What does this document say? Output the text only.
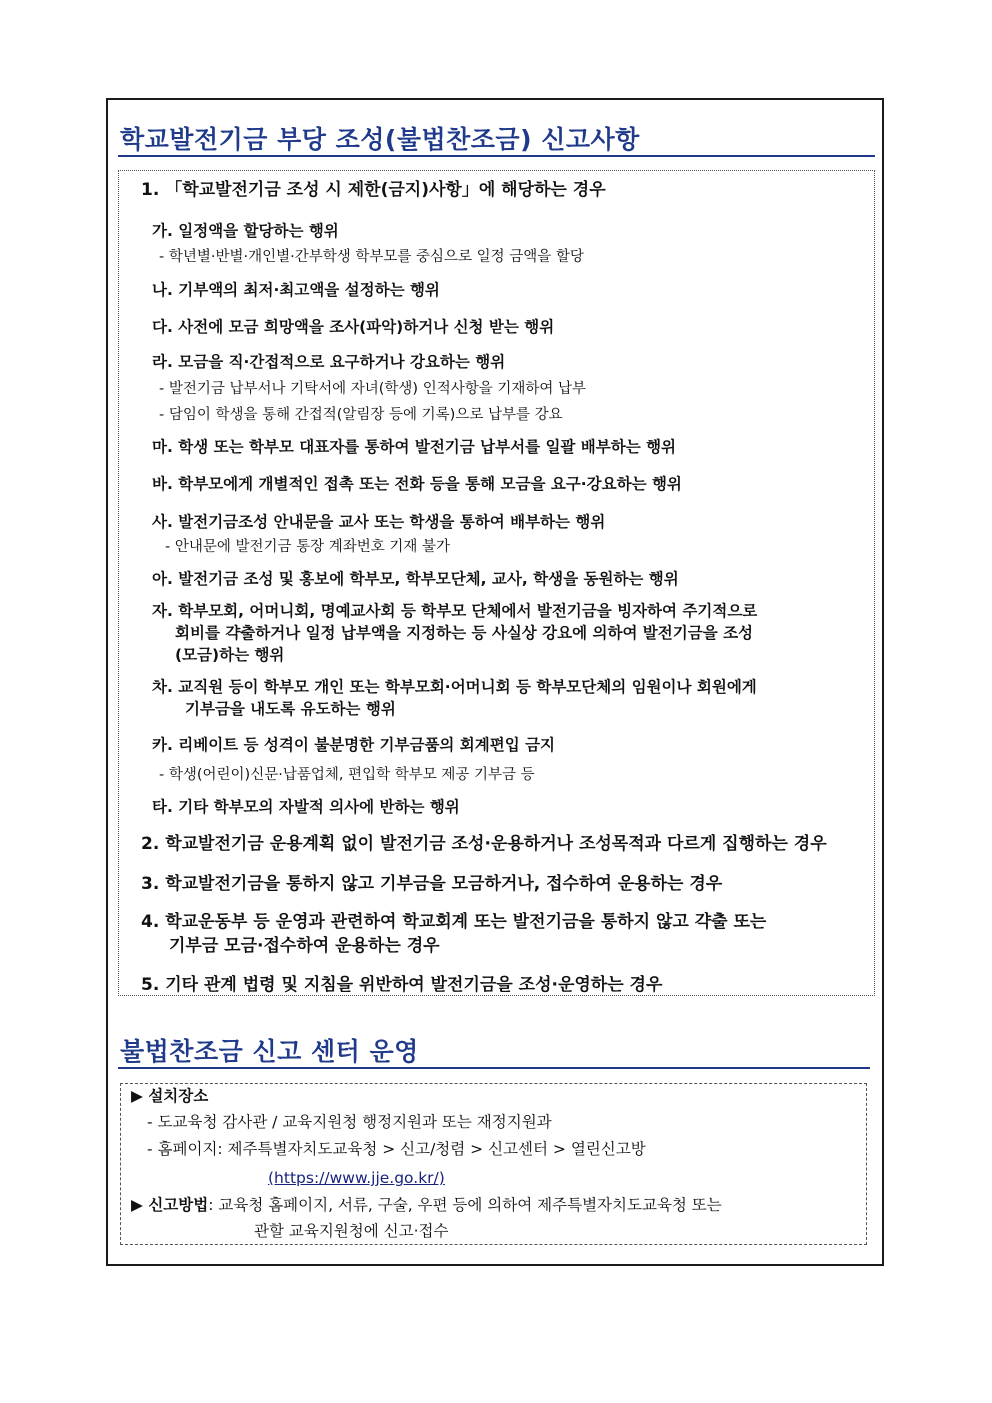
학교발전기금 부당 조성(불법찬조금) 신고사항
1. 「학교발전기금 조성 시 제한(금지)사항」에 해당하는 경우
가. 일정액을 할당하는 행위
- 학년별·반별·개인별·간부학생 학부모를 중심으로 일정 금액을 할당
나. 기부액의 최저·최고액을 설정하는 행위
다. 사전에 모금 희망액을 조사(파악)하거나 신청 받는 행위
라. 모금을 직·간접적으로 요구하거나 강요하는 행위
- 발전기금 납부서나 기탁서에 자녀(학생) 인적사항을 기재하여 납부
- 담임이 학생을 통해 간접적(알림장 등에 기록)으로 납부를 강요
마. 학생 또는 학부모 대표자를 통하여 발전기금 납부서를 일괄 배부하는 행위
바. 학부모에게 개별적인 접촉 또는 전화 등을 통해 모금을 요구·강요하는 행위
사. 발전기금조성 안내문을 교사 또는 학생을 통하여 배부하는 행위
- 안내문에 발전기금 통장 계좌번호 기재 불가
아. 발전기금 조성 및 홍보에 학부모, 학부모단체, 교사, 학생을 동원하는 행위
자. 학부모회, 어머니회, 명예교사회 등 학부모 단체에서 발전기금을 빙자하여 주기적으로
회비를 갹출하거나 일정 납부액을 지정하는 등 사실상 강요에 의하여 발전기금을 조성
(모금)하는 행위
차. 교직원 등이 학부모 개인 또는 학부모회·어머니회 등 학부모단체의 임원이나 회원에게
기부금을 내도록 유도하는 행위
카. 리베이트 등 성격이 불분명한 기부금품의 회계편입 금지
- 학생(어린이)신문·납품업체, 편입학 학부모 제공 기부금 등
타. 기타 학부모의 자발적 의사에 반하는 행위
2. 학교발전기금 운용계획 없이 발전기금 조성·운용하거나 조성목적과 다르게 집행하는 경우
3. 학교발전기금을 통하지 않고 기부금을 모금하거나, 접수하여 운용하는 경우
4. 학교운동부 등 운영과 관련하여 학교회계 또는 발전기금을 통하지 않고 갹출 또는
기부금 모금·접수하여 운용하는 경우
5. 기타 관계 법령 및 지침을 위반하여 발전기금을 조성·운영하는 경우
불법찬조금 신고 센터 운영
▶ 설치장소
- 도교육청 감사관 / 교육지원청 행정지원과 또는 재정지원과
- 홈페이지: 제주특별자치도교육청 > 신고/청렴 > 신고센터 > 열린신고방
(https://www.jje.go.kr/)
▶ 신고방법: 교육청 홈페이지, 서류, 구술, 우편 등에 의하여 제주특별자치도교육청 또는
관할 교육지원청에 신고·접수
